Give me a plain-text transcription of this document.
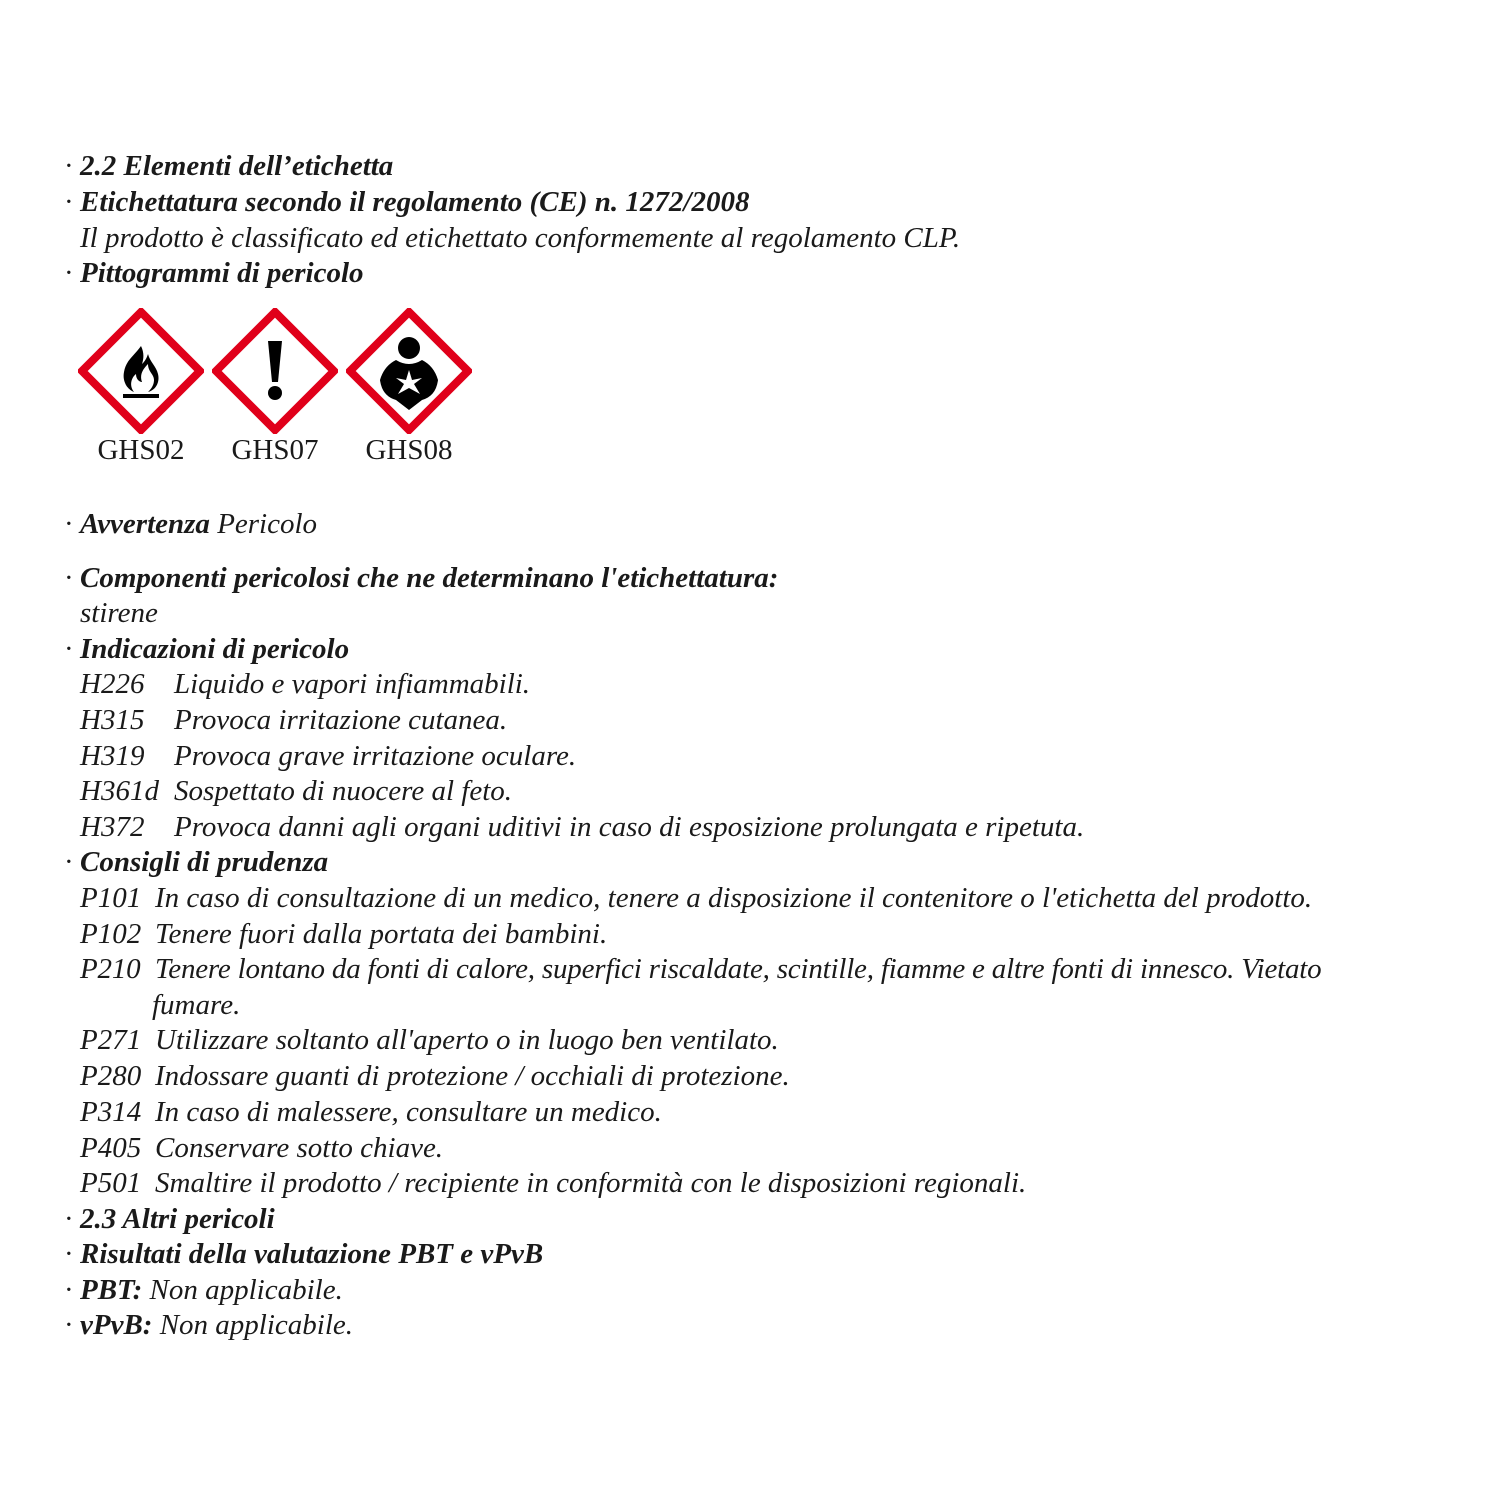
· 2.2 Elementi dell’etichetta
· Etichettatura secondo il regolamento (CE) n. 1272/2008
Il prodotto è classificato ed etichettato conformemente al regolamento CLP.
· Pittogrammi di pericolo
GHS02	GHS07	GHS08
· Avvertenza Pericolo
· Componenti pericolosi che ne determinano l'etichettatura:
stirene
· Indicazioni di pericolo
H226 Liquido e vapori infiammabili.
H315 Provoca irritazione cutanea.
H319 Provoca grave irritazione oculare.
H361d Sospettato di nuocere al feto.
H372 Provoca danni agli organi uditivi in caso di esposizione prolungata e ripetuta.
· Consigli di prudenza
P101 In caso di consultazione di un medico, tenere a disposizione il contenitore o l'etichetta del prodotto.
P102 Tenere fuori dalla portata dei bambini.
P210 Tenere lontano da fonti di calore, superfici riscaldate, scintille, fiamme e altre fonti di innesco. Vietato
fumare.
P271 Utilizzare soltanto all'aperto o in luogo ben ventilato.
P280 Indossare guanti di protezione / occhiali di protezione.
P314 In caso di malessere, consultare un medico.
P405 Conservare sotto chiave.
P501 Smaltire il prodotto / recipiente in conformità con le disposizioni regionali.
· 2.3 Altri pericoli
· Risultati della valutazione PBT e vPvB
· PBT: Non applicabile.
· vPvB: Non applicabile.
